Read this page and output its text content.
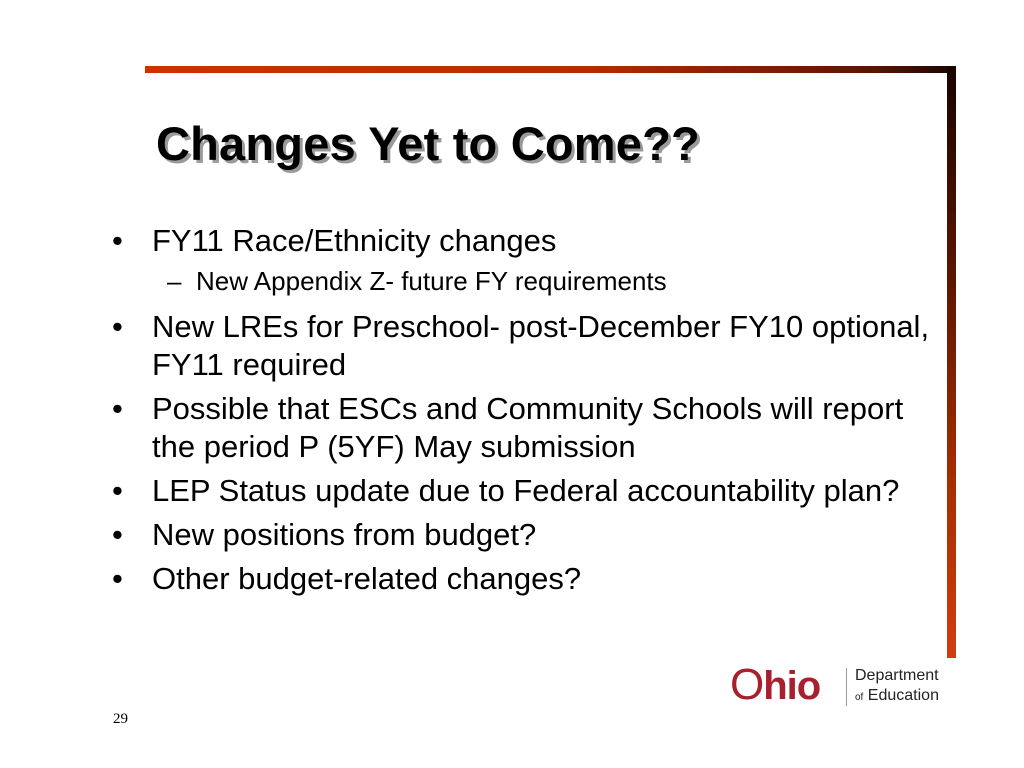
Changes Yet to Come??
• FY11 Race/Ethnicity changes
– New Appendix Z- future FY requirements
• New LREs for Preschool- post-December FY10 optional, FY11 required
• Possible that ESCs and Community Schools will report the period P (5YF) May submission
• LEP Status update due to Federal accountability plan?
• New positions from budget?
• Other budget-related changes?
Ohio Department
of Education
29
